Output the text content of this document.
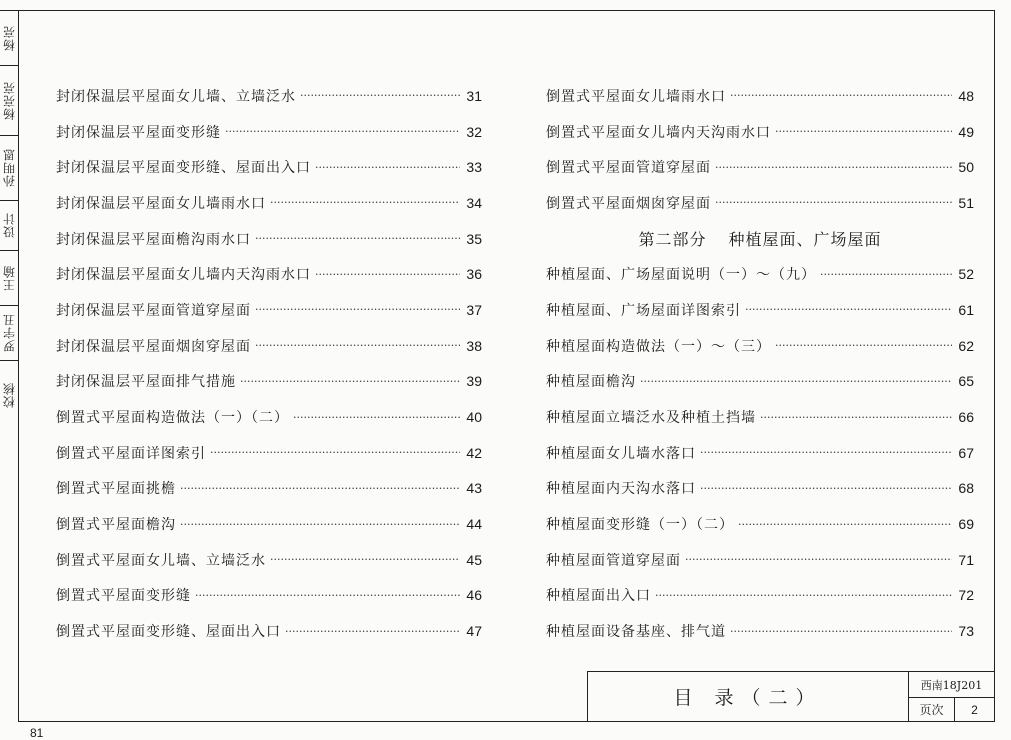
校核
罗宇丑
王瑜
设计
孙明恩
杨亮亮
杨亮
封闭保温层平屋面女儿墙、立墙泛水 ·····	31
封闭保温层平屋面变形缝 ·····	32
封闭保温层平屋面变形缝、屋面出入口 ·····	33
封闭保温层平屋面女儿墙雨水口 ·····	34
封闭保温层平屋面檐沟雨水口 ·····	35
封闭保温层平屋面女儿墙内天沟雨水口 ·····	36
封闭保温层平屋面管道穿屋面 ·····	37
封闭保温层平屋面烟囱穿屋面 ·····	38
封闭保温层平屋面排气措施 ·····	39
倒置式平屋面构造做法（一）（二） ·····	40
倒置式平屋面详图索引 ·····	42
倒置式平屋面挑檐 ·····	43
倒置式平屋面檐沟 ·····	44
倒置式平屋面女儿墙、立墙泛水 ·····	45
倒置式平屋面变形缝 ·····	46
倒置式平屋面变形缝、屋面出入口 ·····	47
倒置式平屋面女儿墙雨水口 ·····	48
倒置式平屋面女儿墙内天沟雨水口 ·····	49
倒置式平屋面管道穿屋面 ·····	50
倒置式平屋面烟囱穿屋面 ·····	51
第二部分 种植屋面、广场屋面
种植屋面、广场屋面说明（一）～（九） ·····	52
种植屋面、广场屋面详图索引 ·····	61
种植屋面构造做法（一）～（三） ·····	62
种植屋面檐沟 ·····	65
种植屋面立墙泛水及种植土挡墙 ·····	66
种植屋面女儿墙水落口 ·····	67
种植屋面内天沟水落口 ·····	68
种植屋面变形缝（一）（二） ·····	69
种植屋面管道穿屋面 ·····	71
种植屋面出入口 ·····	72
种植屋面设备基座、排气道 ·····	73
目 录（二）
西南18J201
页次	2
81
